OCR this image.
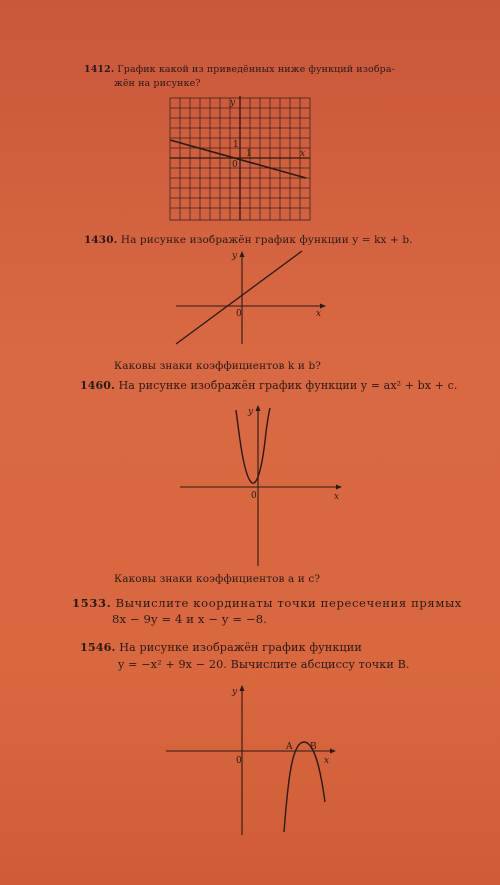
1412. График какой из приведённых ниже функций изобра-
жён на рисунке?
y
x
0
1
1
1430. На рисунке изображён график функции y = kx + b.
y
x
0
Каковы знаки коэффициентов k и b?
1460. На рисунке изображён график функции y = ax² + bx + c.
y
x
0
Каковы знаки коэффициентов a и c?
1533. Вычислите координаты точки пересечения прямых
8x − 9y = 4 и x − y = −8.
1546. На рисунке изображён график функции
y = −x² + 9x − 20. Вычислите абсциссу точки B.
y
x
0
A B
